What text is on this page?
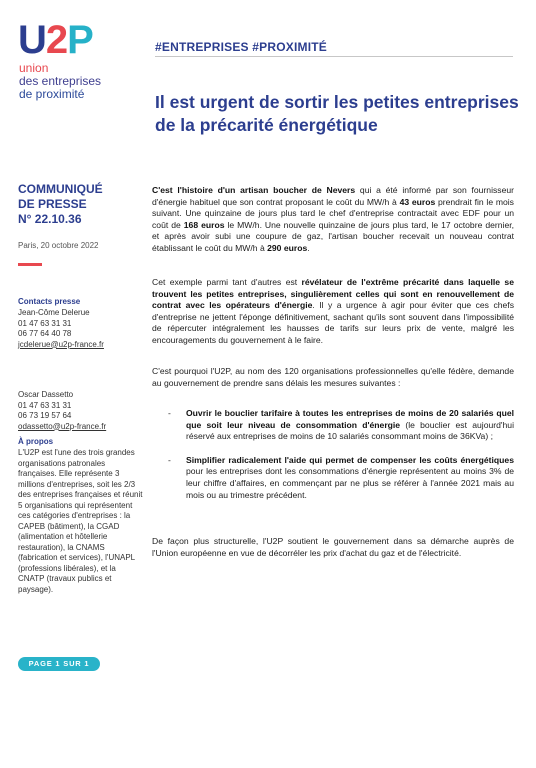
U2P
union
des entreprises
de proximité
#ENTREPRISES #PROXIMITÉ
Il est urgent de sortir les petites entreprises de la précarité énergétique
COMMUNIQUÉ
DE PRESSE
N° 22.10.36
Paris, 20 octobre 2022
Contacts presse
Jean-Côme Delerue
01 47 63 31 31
06 77 64 40 78
jcdelerue@u2p-france.fr
Oscar Dassetto
01 47 63 31 31
06 73 19 57 64
odassetto@u2p-france.fr
À propos
L'U2P est l'une des trois grandes organisations patronales françaises. Elle représente 3 millions d'entreprises, soit les 2/3 des entreprises françaises et réunit 5 organisations qui représentent ces catégories d'entreprises : la CAPEB (bâtiment), la CGAD (alimentation et hôtellerie restauration), la CNAMS (fabrication et services), l'UNAPL (professions libérales), et la CNATP (travaux publics et paysage).
PAGE 1 SUR 1
C'est l'histoire d'un artisan boucher de Nevers qui a été informé par son fournisseur d'énergie habituel que son contrat proposant le coût du MW/h à 43 euros prendrait fin le mois suivant. Une quinzaine de jours plus tard le chef d'entreprise contractait avec EDF pour un coût de 168 euros le MW/h. Une nouvelle quinzaine de jours plus tard, le 17 octobre dernier, et après avoir subi une coupure de gaz, l'artisan boucher recevait un nouveau contrat établissant le coût du MW/h à 290 euros.
Cet exemple parmi tant d'autres est révélateur de l'extrême précarité dans laquelle se trouvent les petites entreprises, singulièrement celles qui sont en renouvellement de contrat avec les opérateurs d'énergie. Il y a urgence à agir pour éviter que ces chefs d'entreprise ne jettent l'éponge définitivement, sachant qu'ils sont souvent dans l'impossibilité de répercuter intégralement les hausses de tarifs sur leurs prix de vente, malgré les encouragements du gouvernement à le faire.
C'est pourquoi l'U2P, au nom des 120 organisations professionnelles qu'elle fédère, demande au gouvernement de prendre sans délais les mesures suivantes :
- Ouvrir le bouclier tarifaire à toutes les entreprises de moins de 20 salariés quel que soit leur niveau de consommation d'énergie (le bouclier est aujourd'hui réservé aux entreprises de moins de 10 salariés consommant moins de 36KVa) ;
- Simplifier radicalement l'aide qui permet de compenser les coûts énergétiques pour les entreprises dont les consommations d'énergie représentent au moins 3% de leur chiffre d'affaires, en commençant par ne plus se référer à l'année 2021 mais au mois ou au trimestre précédent.
De façon plus structurelle, l'U2P soutient le gouvernement dans sa démarche auprès de l'Union européenne en vue de décorréler les prix d'achat du gaz et de l'électricité.
